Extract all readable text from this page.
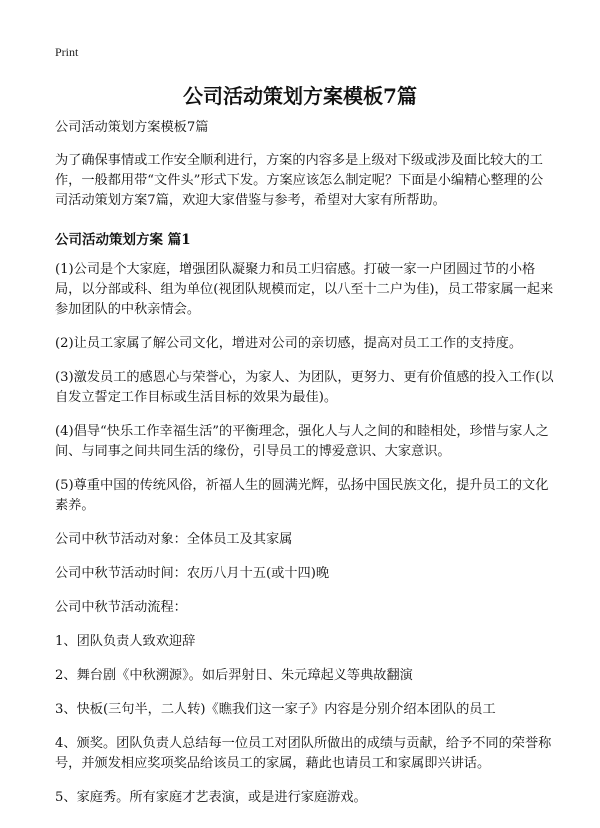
Print
公司活动策划方案模板7篇

公司活动策划方案模板7篇

为了确保事情或工作安全顺利进行，方案的内容多是上级对下级或涉及面比较大的工作，一般都用带“文件头”形式下发。方案应该怎么制定呢？下面是小编精心整理的公司活动策划方案7篇，欢迎大家借鉴与参考，希望对大家有所帮助。

公司活动策划方案 篇1

(1)公司是个大家庭，增强团队凝聚力和员工归宿感。打破一家一户团圆过节的小格局，以分部或科、组为单位(视团队规模而定，以八至十二户为佳)，员工带家属一起来参加团队的中秋亲情会。

(2)让员工家属了解公司文化，增进对公司的亲切感，提高对员工工作的支持度。

(3)激发员工的感恩心与荣誉心，为家人、为团队，更努力、更有价值感的投入工作(以自发立誓定工作目标或生活目标的效果为最佳)。

(4)倡导“快乐工作幸福生活”的平衡理念，强化人与人之间的和睦相处，珍惜与家人之间、与同事之间共同生活的缘份，引导员工的博爱意识、大家意识。

(5)尊重中国的传统风俗，祈福人生的圆满光辉，弘扬中国民族文化，提升员工的文化素养。

公司中秋节活动对象：全体员工及其家属

公司中秋节活动时间：农历八月十五(或十四)晚

公司中秋节活动流程：

1、团队负责人致欢迎辞

2、舞台剧《中秋溯源》。如后羿射日、朱元璋起义等典故翻演

3、快板(三句半，二人转)《瞧我们这一家子》内容是分别介绍本团队的员工

4、颁奖。团队负责人总结每一位员工对团队所做出的成绩与贡献，给予不同的荣誉称号，并颁发相应奖项奖品给该员工的家属，藉此也请员工和家属即兴讲话。

5、家庭秀。所有家庭才艺表演，或是进行家庭游戏。
